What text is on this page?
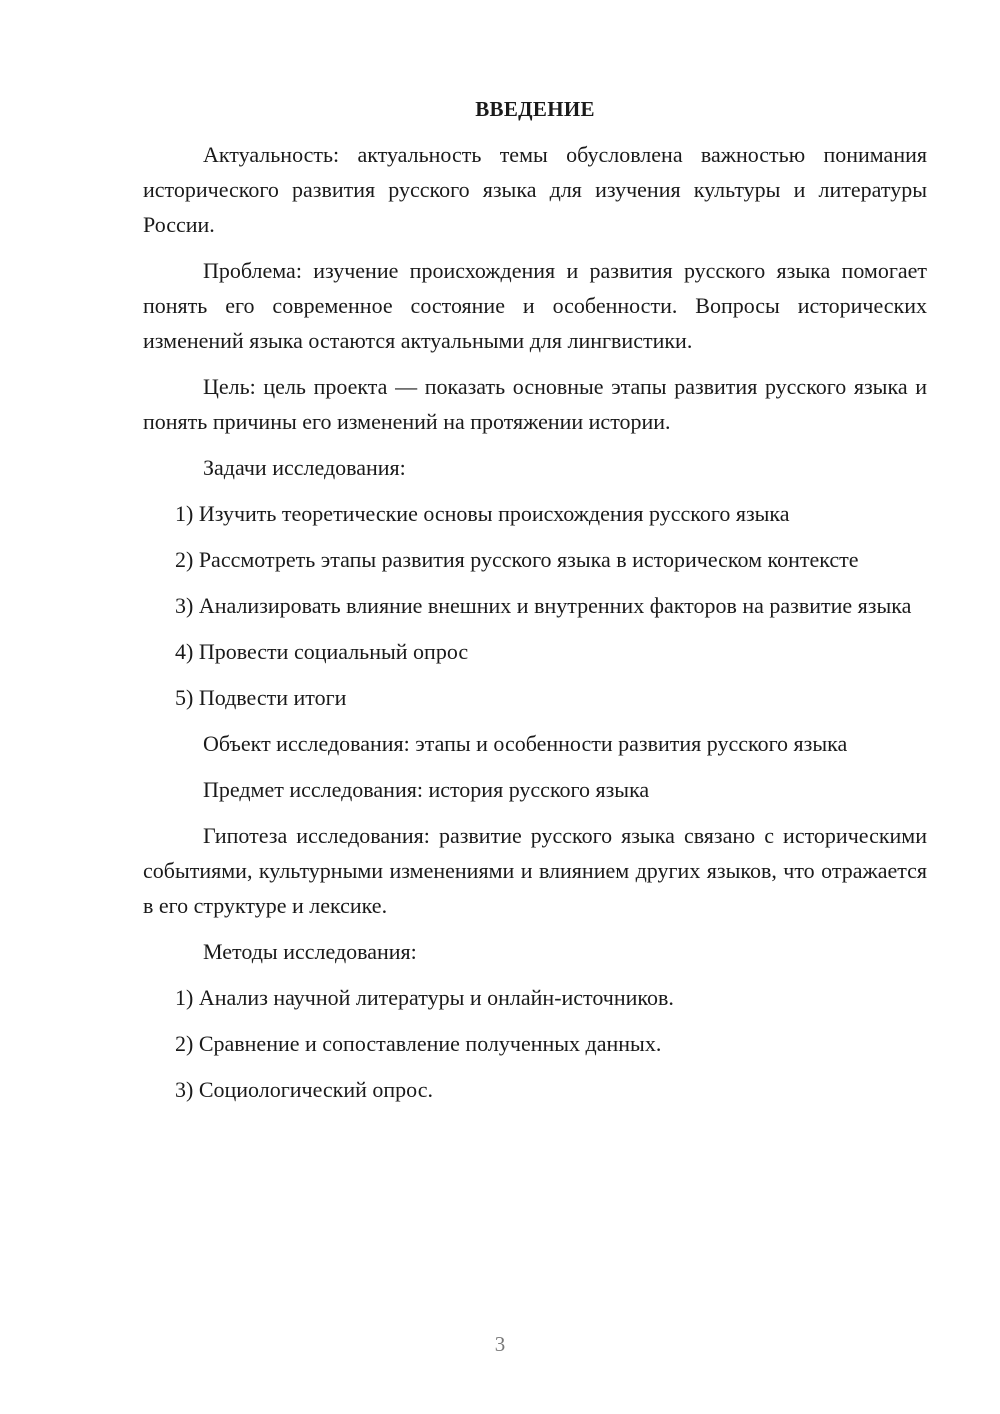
ВВЕДЕНИЕ

Актуальность: актуальность темы обусловлена важностью понимания исторического развития русского языка для изучения культуры и литературы России.

Проблема: изучение происхождения и развития русского языка помогает понять его современное состояние и особенности. Вопросы исторических изменений языка остаются актуальными для лингвистики.

Цель: цель проекта — показать основные этапы развития русского языка и понять причины его изменений на протяжении истории.

Задачи исследования:

1) Изучить теоретические основы происхождения русского языка

2) Рассмотреть этапы развития русского языка в историческом контексте

3) Анализировать влияние внешних и внутренних факторов на развитие языка

4) Провести социальный опрос

5) Подвести итоги

Объект исследования: этапы и особенности развития русского языка

Предмет исследования: история русского языка

Гипотеза исследования: развитие русского языка связано с историческими событиями, культурными изменениями и влиянием других языков, что отражается в его структуре и лексике.

Методы исследования:

1) Анализ научной литературы и онлайн-источников.

2) Сравнение и сопоставление полученных данных.

3) Социологический опрос.

3
